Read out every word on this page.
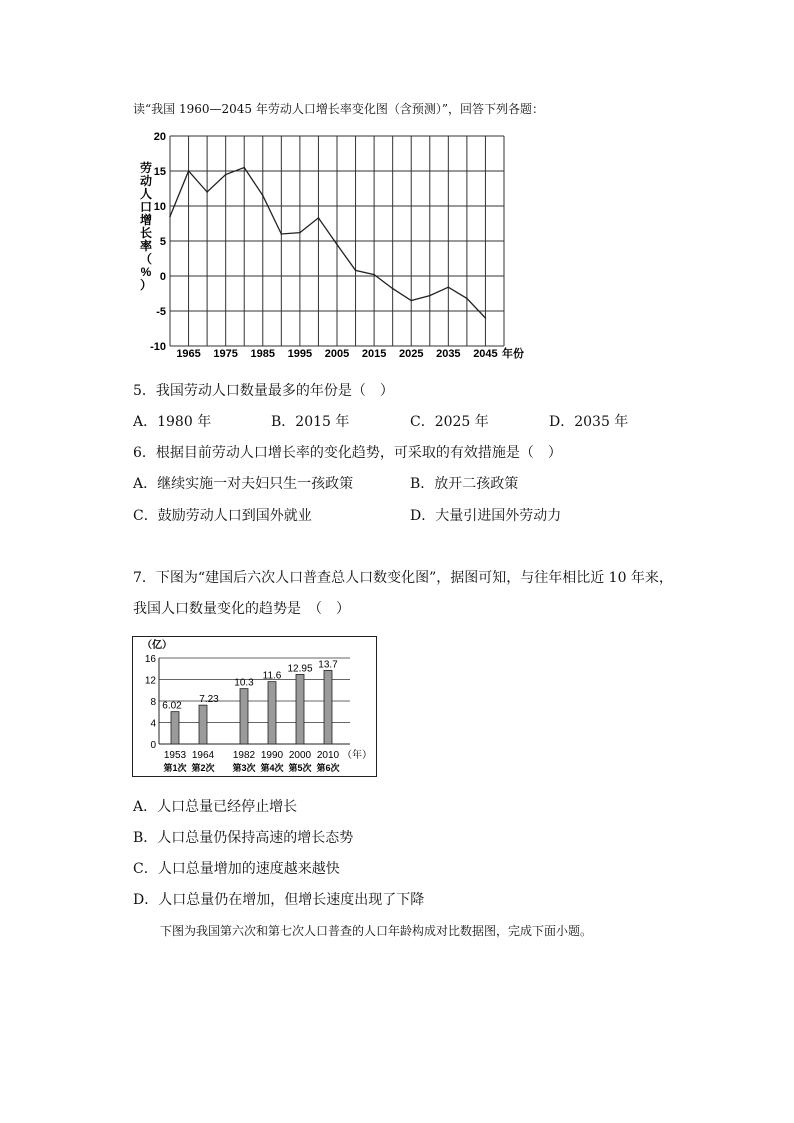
读“我国 1960—2045 年劳动人口增长率变化图（含预测）”，回答下列各题：
20
15
10
5
0
-5
-10
1965 1975 1985 1995 2005 2015 2025 2035 2045
劳
动
人
口
增
长
率
（
%
）
年份
5．我国劳动人口数量最多的年份是（　）
A．1980 年	B．2015 年	C．2025 年	D．2035 年
6．根据目前劳动人口增长率的变化趋势，可采取的有效措施是（　）
A．继续实施一对夫妇只生一孩政策	B．放开二孩政策
C．鼓励劳动人口到国外就业	D．大量引进国外劳动力
7．下图为“建国后六次人口普查总人口数变化图”，据图可知，与往年相比近 10 年来，
我国人口数量变化的趋势是　（　）
（亿）
16
12
8
4
0
6.02
7.23
10.3
11.6
12.95 13.7
1953 1964 1982 1990 2000 2010
第1次 第2次 第3次 第4次 第5次 第6次
（年）
A．人口总量已经停止增长
B．人口总量仍保持高速的增长态势
C．人口总量增加的速度越来越快
D．人口总量仍在增加，但增长速度出现了下降
下图为我国第六次和第七次人口普查的人口年龄构成对比数据图，完成下面小题。
